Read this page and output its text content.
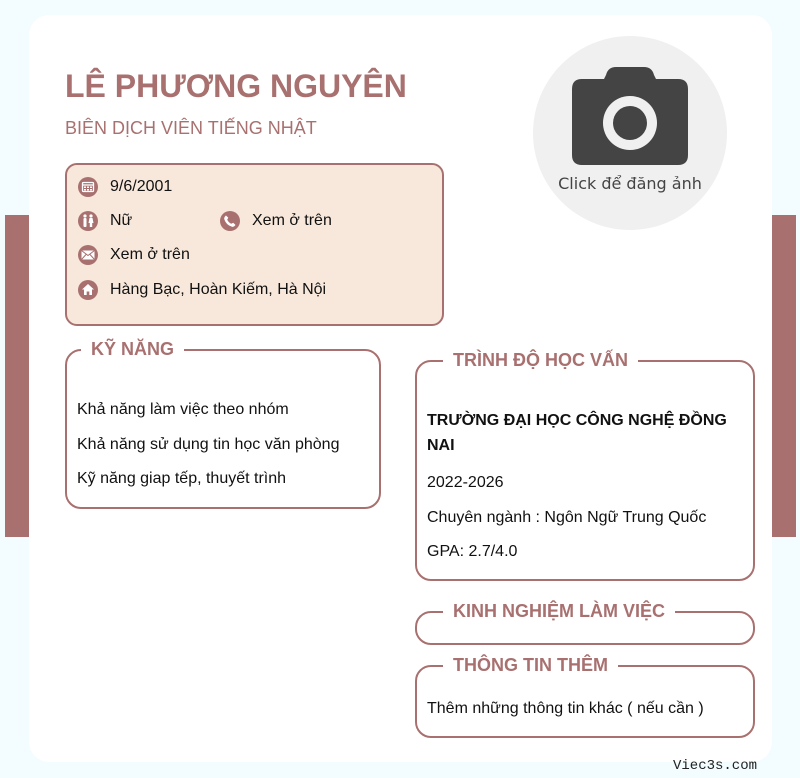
LÊ PHƯƠNG NGUYÊN
BIÊN DỊCH VIÊN TIẾNG NHẬT
Click để đăng ảnh
9/6/2001
Nữ	Xem ở trên
Xem ở trên
Hàng Bạc, Hoàn Kiếm, Hà Nội
KỸ NĂNG
Khả năng làm việc theo nhóm
Khả năng sử dụng tin học văn phòng
Kỹ năng giap tếp, thuyết trình
TRÌNH ĐỘ HỌC VẤN
TRƯỜNG ĐẠI HỌC CÔNG NGHỆ ĐỒNG NAI
2022-2026
Chuyên ngành : Ngôn Ngữ Trung Quốc
GPA: 2.7/4.0
KINH NGHIỆM LÀM VIỆC
THÔNG TIN THÊM
Thêm những thông tin khác ( nếu cần )
Viec3s.com
